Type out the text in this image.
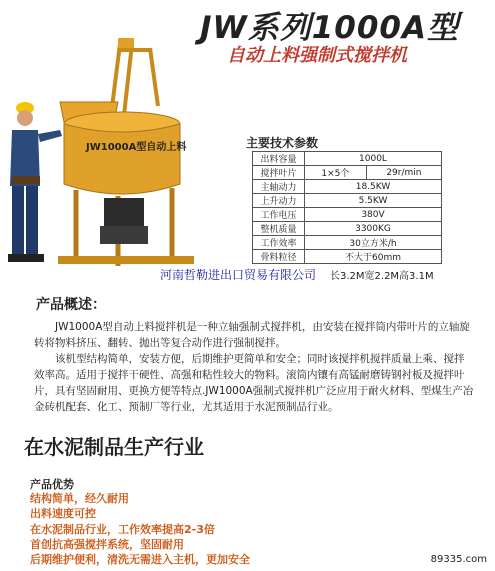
JW系列1000A型
自动上料强制式搅拌机
JW1000A型自动上料	主要技术参数
出料容量	1000L	
搅拌叶片	1×5个	29r/min
主轴动力	18.5KW	
上升动力	5.5KW	
工作电压	380V	
整机质量	3300KG	
工作效率	30立方米/h	
骨料粒径	不大于60mm	
河南哲勒进出口贸易有限公司 长3.2M宽2.2M高3.1M
产品概述：

JW1000A型自动上料搅拌机是一种立轴强制式搅拌机，由安装在搅拌筒内带叶片的立轴旋转将物料挤压、翻转、抛出等复合动作进行强制搅拌。

该机型结构简单，安装方便，后期维护更简单和安全；同时该搅拌机搅拌质量上乘、搅拌效率高。适用于搅拌干硬性、高强和粘性较大的物料。滚筒内镶有高锰耐磨铸钢衬板及搅拌叶片，具有坚固耐用、更换方便等特点.JW1000A强制式搅拌机广泛应用于耐火材料、型煤生产冶金砖机配套、化工、预制厂等行业，尤其适用于水泥预制品行业。

在水泥制品生产行业
产品优势
结构简单，经久耐用
出料速度可控
在水泥制品行业，工作效率提高2-3倍
首创抗高强搅拌系统，坚固耐用
后期维护便利，清洗无需进入主机，更加安全	89335.com
